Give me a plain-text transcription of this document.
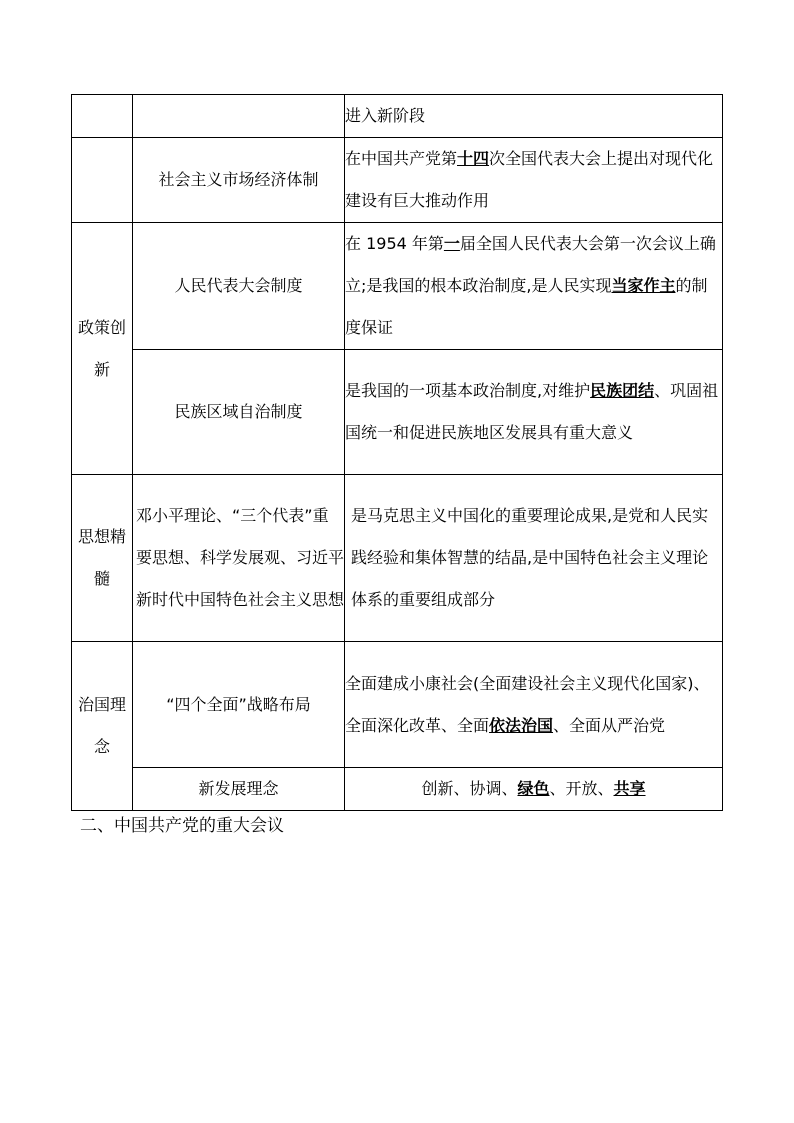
		进入新阶段
	社会主义市场经济体制	在中国共产党第十四次全国代表大会上提出对现代化建设有巨大推动作用
政策创新	人民代表大会制度	在 1954 年第一届全国人民代表大会第一次会议上确立;是我国的根本政治制度,是人民实现当家作主的制度保证
	民族区域自治制度	是我国的一项基本政治制度,对维护民族团结、巩固祖国统一和促进民族地区发展具有重大意义
思想精髓	邓小平理论、“三个代表”重要思想、科学发展观、习近平新时代中国特色社会主义思想	是马克思主义中国化的重要理论成果,是党和人民实践经验和集体智慧的结晶,是中国特色社会主义理论体系的重要组成部分
治国理念	“四个全面”战略布局	全面建成小康社会(全面建设社会主义现代化国家)、全面深化改革、全面依法治国、全面从严治党
	新发展理念	创新、协调、绿色、开放、共享
二、中国共产党的重大会议
